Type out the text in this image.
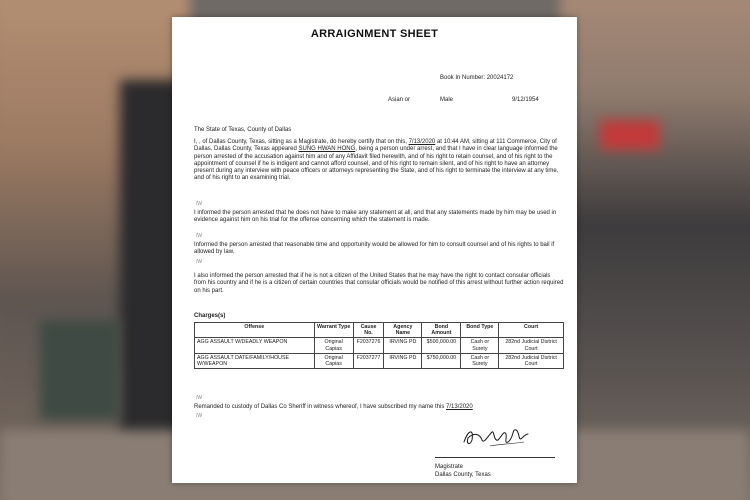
ARRAIGNMENT SHEET
Book In Number: 20024172
Asian or	Male	9/12/1954
The State of Texas, County of Dallas
I, , of Dallas County, Texas, sitting as a Magistrate, do hereby certify that on this, 7/13/2020 at 10:44 AM, sitting at 111 Commerce, City of Dallas, Dallas County, Texas appeared SUNG HWAN HONG, being a person under arrest, and that I have in clear language informed the person arrested of the accusation against him and of any Affidavit filed herewith, and of his right to retain counsel, and of his right to the appointment of counsel if he is indigent and cannot afford counsel, and of his right to remain silent, and of his right to have an attorney present during any interview with peace officers or attorneys representing the State, and of his right to terminate the interview at any time, and of his right to an examining trial.
/W
I informed the person arrested that he does not have to make any statement at all, and that any statements made by him may be used in evidence against him on his trial for the offense concerning which the statement is made.
/W
Informed the person arrested that reasonable time and opportunity would be allowed for him to consult counsel and of his rights to bail if allowed by law.
/W
I also informed the person arrested that if he is not a citizen of the United States that he may have the right to contact consular officials from his country and if he is a citizen of certain countries that consular officials would be notified of this arrest without further action required on his part.
Charges(s)
Offense	Warrant Type	Cause No.	Agency Name	Bond Amount	Bond Type	Court
AGG ASSAULT W/DEADLY WEAPON	Original Capias	F2037276	IRVING PD	$500,000.00	Cash or Surety	282nd Judicial District Court
AGG ASSAULT DATE/FAMILY/HOUSE W/WEAPON	Original Capias	F2037277	IRVING PD	$750,000.00	Cash or Surety	282nd Judicial District Court
/W
Remanded to custody of Dallas Co Sheriff in witness whereof, I have subscribed my name this 7/13/2020
/W
Magistrate
Dallas County, Texas
